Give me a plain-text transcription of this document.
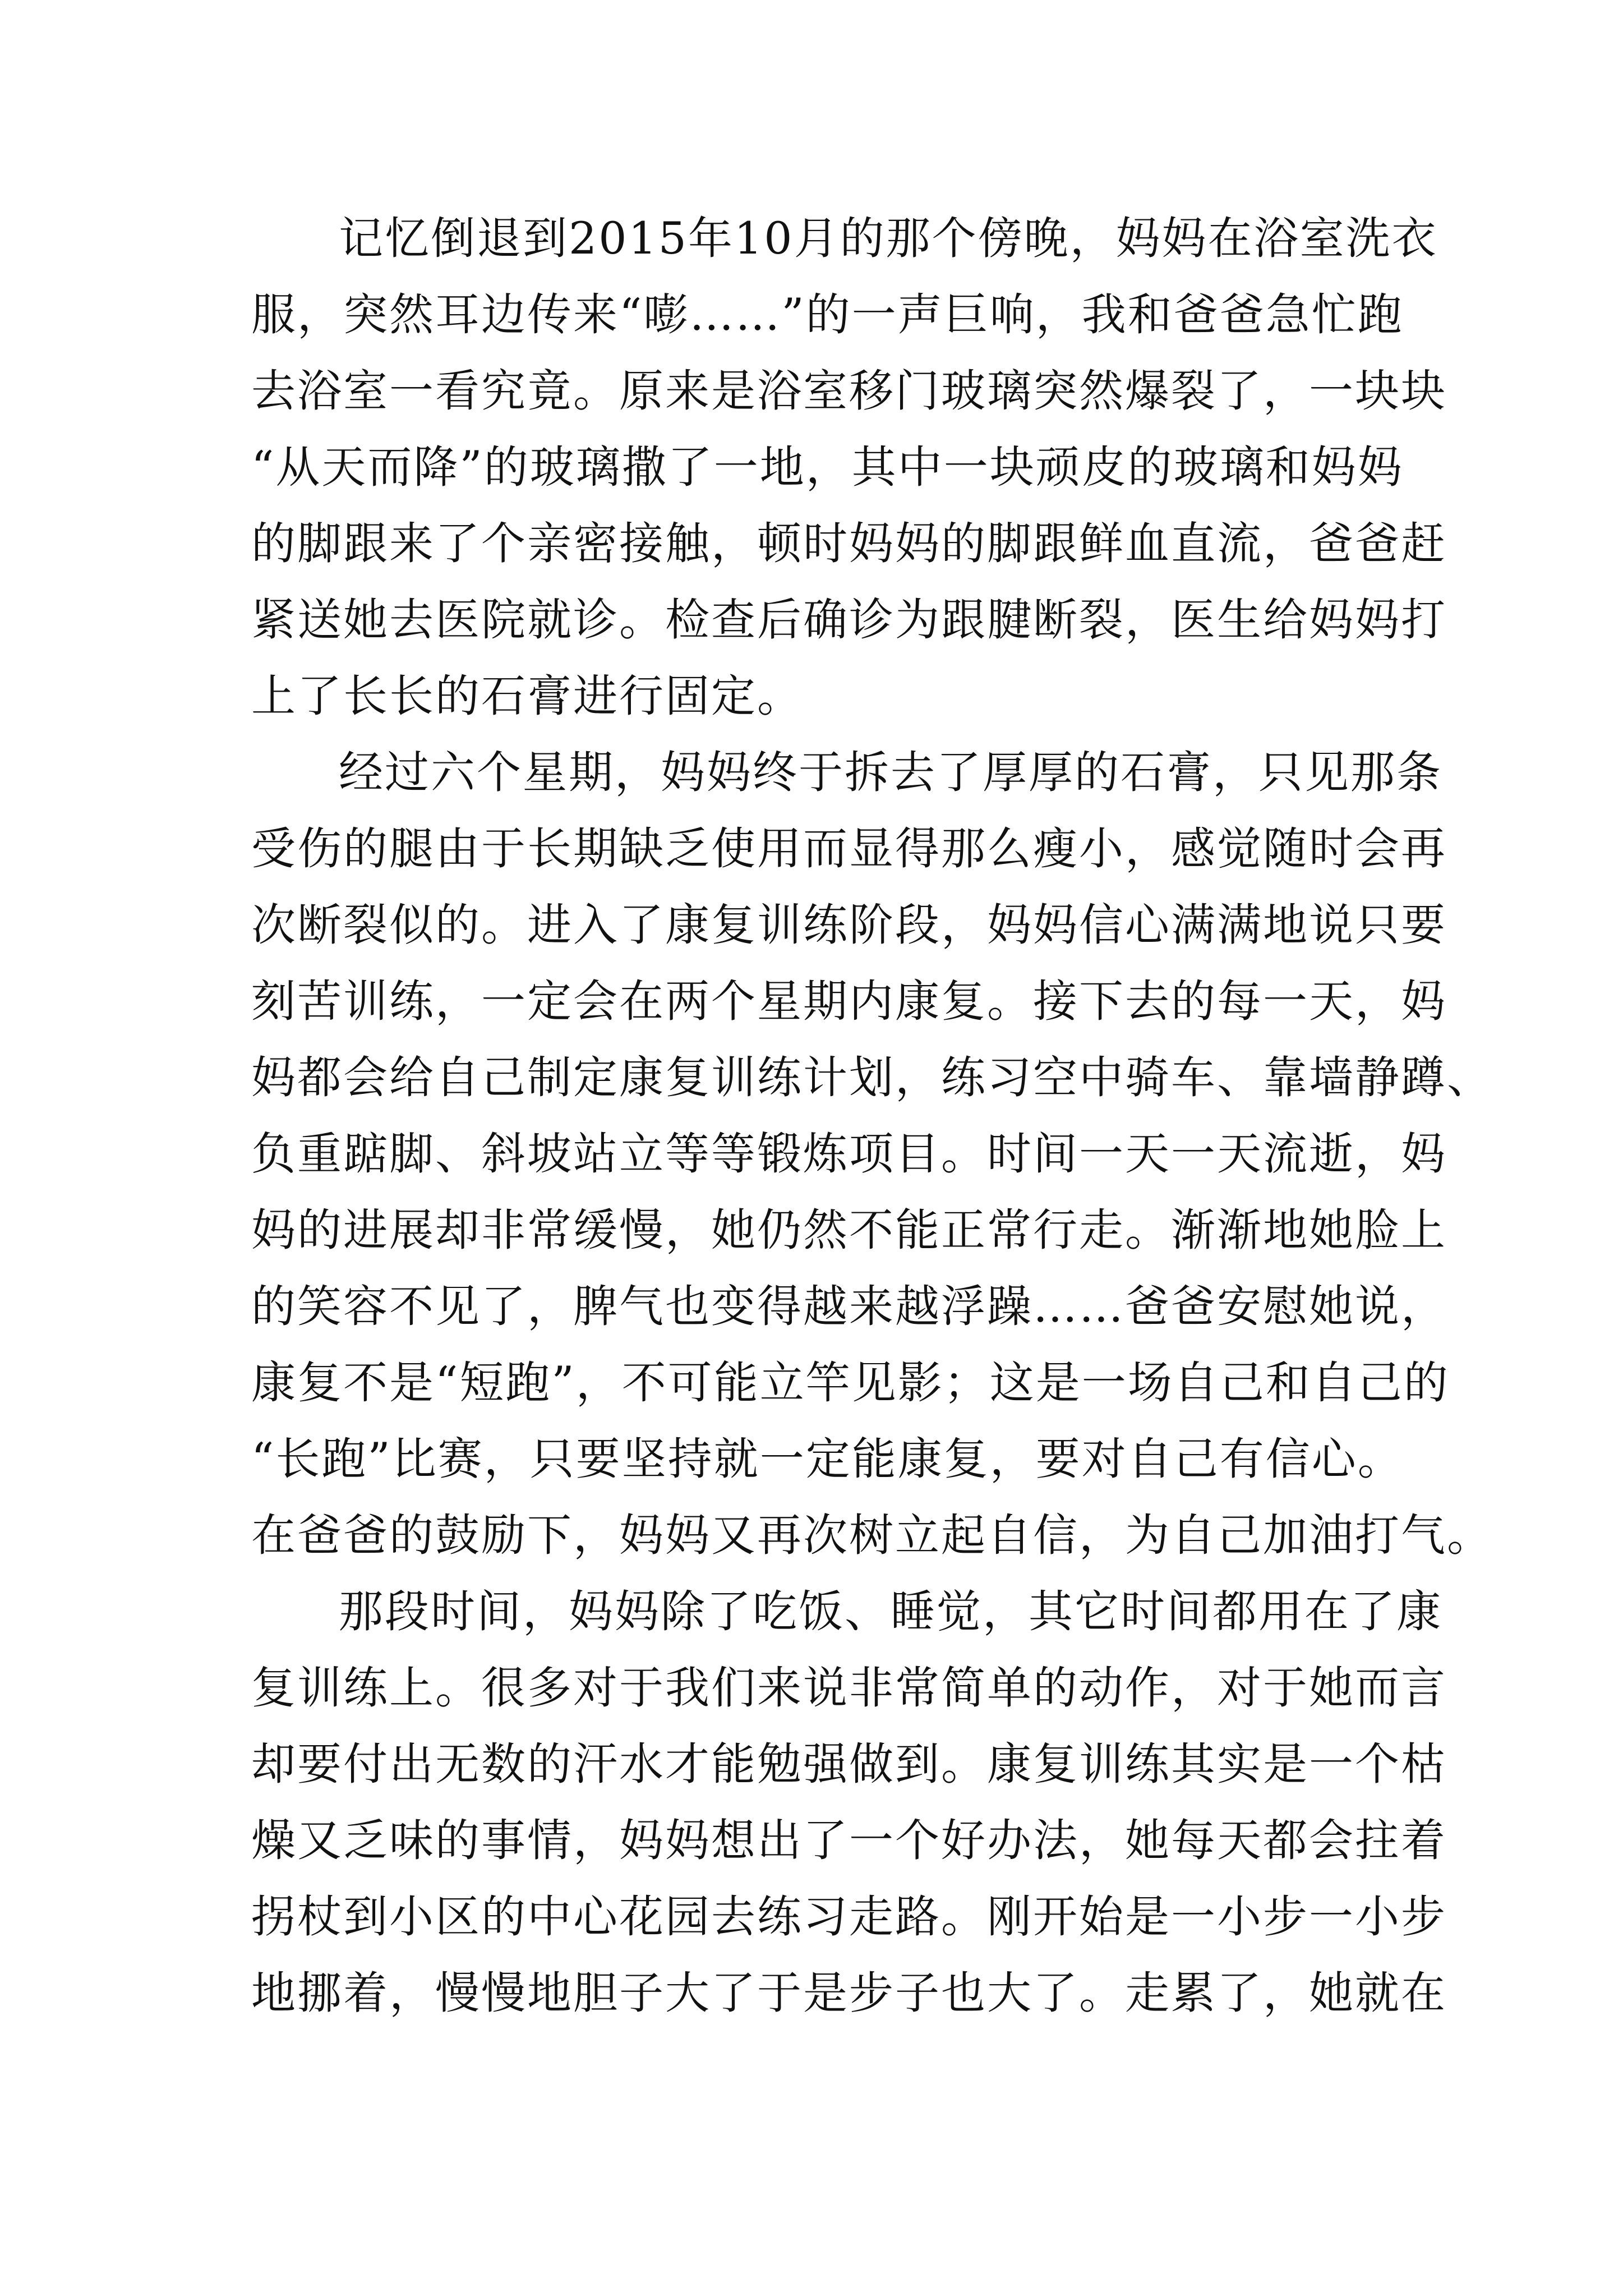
记忆倒退到2015年10月的那个傍晚，妈妈在浴室洗衣
服，突然耳边传来“嘭……”的一声巨响，我和爸爸急忙跑
去浴室一看究竟。原来是浴室移门玻璃突然爆裂了，一块块
“从天而降”的玻璃撒了一地，其中一块顽皮的玻璃和妈妈
的脚跟来了个亲密接触，顿时妈妈的脚跟鲜血直流，爸爸赶
紧送她去医院就诊。检查后确诊为跟腱断裂，医生给妈妈打
上了长长的石膏进行固定。
经过六个星期，妈妈终于拆去了厚厚的石膏，只见那条
受伤的腿由于长期缺乏使用而显得那么瘦小，感觉随时会再
次断裂似的。进入了康复训练阶段，妈妈信心满满地说只要
刻苦训练，一定会在两个星期内康复。接下去的每一天，妈
妈都会给自己制定康复训练计划，练习空中骑车、靠墙静蹲、
负重踮脚、斜坡站立等等锻炼项目。时间一天一天流逝，妈
妈的进展却非常缓慢，她仍然不能正常行走。渐渐地她脸上
的笑容不见了，脾气也变得越来越浮躁……爸爸安慰她说，
康复不是“短跑”，不可能立竿见影；这是一场自己和自己的
“长跑”比赛，只要坚持就一定能康复，要对自己有信心。
在爸爸的鼓励下，妈妈又再次树立起自信，为自己加油打气。
那段时间，妈妈除了吃饭、睡觉，其它时间都用在了康
复训练上。很多对于我们来说非常简单的动作，对于她而言
却要付出无数的汗水才能勉强做到。康复训练其实是一个枯
燥又乏味的事情，妈妈想出了一个好办法，她每天都会拄着
拐杖到小区的中心花园去练习走路。刚开始是一小步一小步
地挪着，慢慢地胆子大了于是步子也大了。走累了，她就在
